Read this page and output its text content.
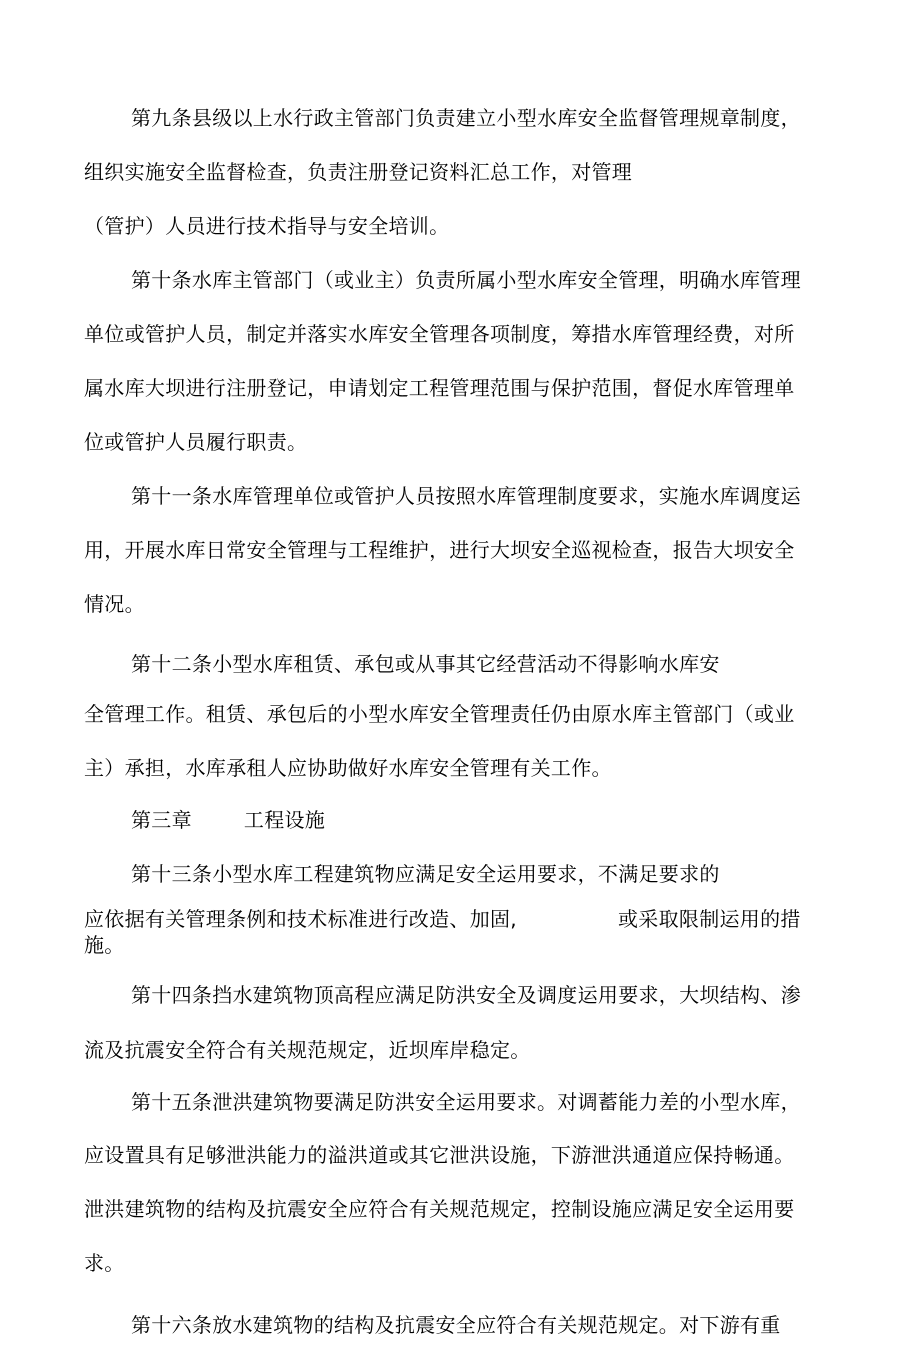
第九条县级以上水行政主管部门负责建立小型水库安全监督管理规章制度，
组织实施安全监督检查，负责注册登记资料汇总工作，对管理
（管护）人员进行技术指导与安全培训。
第十条水库主管部门（或业主）负责所属小型水库安全管理，明确水库管理
单位或管护人员，制定并落实水库安全管理各项制度，筹措水库管理经费，对所
属水库大坝进行注册登记，申请划定工程管理范围与保护范围，督促水库管理单
位或管护人员履行职责。
第十一条水库管理单位或管护人员按照水库管理制度要求，实施水库调度运
用，开展水库日常安全管理与工程维护，进行大坝安全巡视检查，报告大坝安全
情况。
第十二条小型水库租赁、承包或从事其它经营活动不得影响水库安
全管理工作。租赁、承包后的小型水库安全管理责任仍由原水库主管部门（或业
主）承担，水库承租人应协助做好水库安全管理有关工作。
第三章	工程设施
第十三条小型水库工程建筑物应满足安全运用要求，不满足要求的
应依据有关管理条例和技术标准进行改造、加固,	或采取限制运用的措
施。
第十四条挡水建筑物顶高程应满足防洪安全及调度运用要求，大坝结构、渗
流及抗震安全符合有关规范规定，近坝库岸稳定。
第十五条泄洪建筑物要满足防洪安全运用要求。对调蓄能力差的小型水库，
应设置具有足够泄洪能力的溢洪道或其它泄洪设施，下游泄洪通道应保持畅通。
泄洪建筑物的结构及抗震安全应符合有关规范规定，控制设施应满足安全运用要
求。
第十六条放水建筑物的结构及抗震安全应符合有关规范规定。对下游有重
